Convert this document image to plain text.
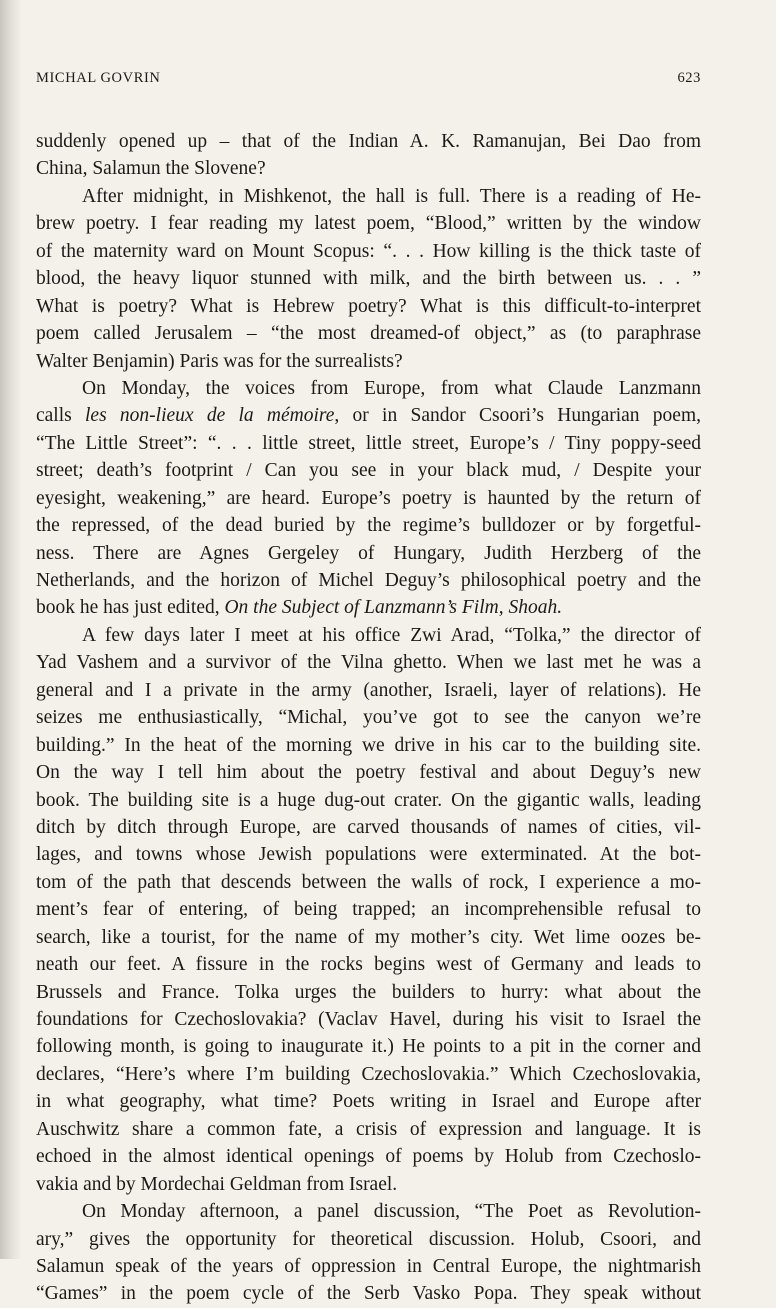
MICHAL GOVRIN	623
suddenly opened up – that of the Indian A. K. Ramanujan, Bei Dao from
China, Salamun the Slovene?
After midnight, in Mishkenot, the hall is full. There is a reading of He-
brew poetry. I fear reading my latest poem, “Blood,” written by the window
of the maternity ward on Mount Scopus: “. . . How killing is the thick taste of
blood, the heavy liquor stunned with milk, and the birth between us. . . ”
What is poetry? What is Hebrew poetry? What is this difficult-to-interpret
poem called Jerusalem – “the most dreamed-of object,” as (to paraphrase
Walter Benjamin) Paris was for the surrealists?
On Monday, the voices from Europe, from what Claude Lanzmann
calls les non-lieux de la mémoire, or in Sandor Csoori’s Hungarian poem,
“The Little Street”: “. . . little street, little street, Europe’s / Tiny poppy-seed
street; death’s footprint / Can you see in your black mud, / Despite your
eyesight, weakening,” are heard. Europe’s poetry is haunted by the return of
the repressed, of the dead buried by the regime’s bulldozer or by forgetful-
ness. There are Agnes Gergeley of Hungary, Judith Herzberg of the
Netherlands, and the horizon of Michel Deguy’s philosophical poetry and the
book he has just edited, On the Subject of Lanzmann’s Film, Shoah.
A few days later I meet at his office Zwi Arad, “Tolka,” the director of
Yad Vashem and a survivor of the Vilna ghetto. When we last met he was a
general and I a private in the army (another, Israeli, layer of relations). He
seizes me enthusiastically, “Michal, you’ve got to see the canyon we’re
building.” In the heat of the morning we drive in his car to the building site.
On the way I tell him about the poetry festival and about Deguy’s new
book. The building site is a huge dug-out crater. On the gigantic walls, leading
ditch by ditch through Europe, are carved thousands of names of cities, vil-
lages, and towns whose Jewish populations were exterminated. At the bot-
tom of the path that descends between the walls of rock, I experience a mo-
ment’s fear of entering, of being trapped; an incomprehensible refusal to
search, like a tourist, for the name of my mother’s city. Wet lime oozes be-
neath our feet. A fissure in the rocks begins west of Germany and leads to
Brussels and France. Tolka urges the builders to hurry: what about the
foundations for Czechoslovakia? (Vaclav Havel, during his visit to Israel the
following month, is going to inaugurate it.) He points to a pit in the corner and
declares, “Here’s where I’m building Czechoslovakia.” Which Czechoslovakia,
in what geography, what time? Poets writing in Israel and Europe after
Auschwitz share a common fate, a crisis of expression and language. It is
echoed in the almost identical openings of poems by Holub from Czechoslo-
vakia and by Mordechai Geldman from Israel.
On Monday afternoon, a panel discussion, “The Poet as Revolution-
ary,” gives the opportunity for theoretical discussion. Holub, Csoori, and
Salamun speak of the years of oppression in Central Europe, the nightmarish
“Games” in the poem cycle of the Serb Vasko Popa. They speak without
